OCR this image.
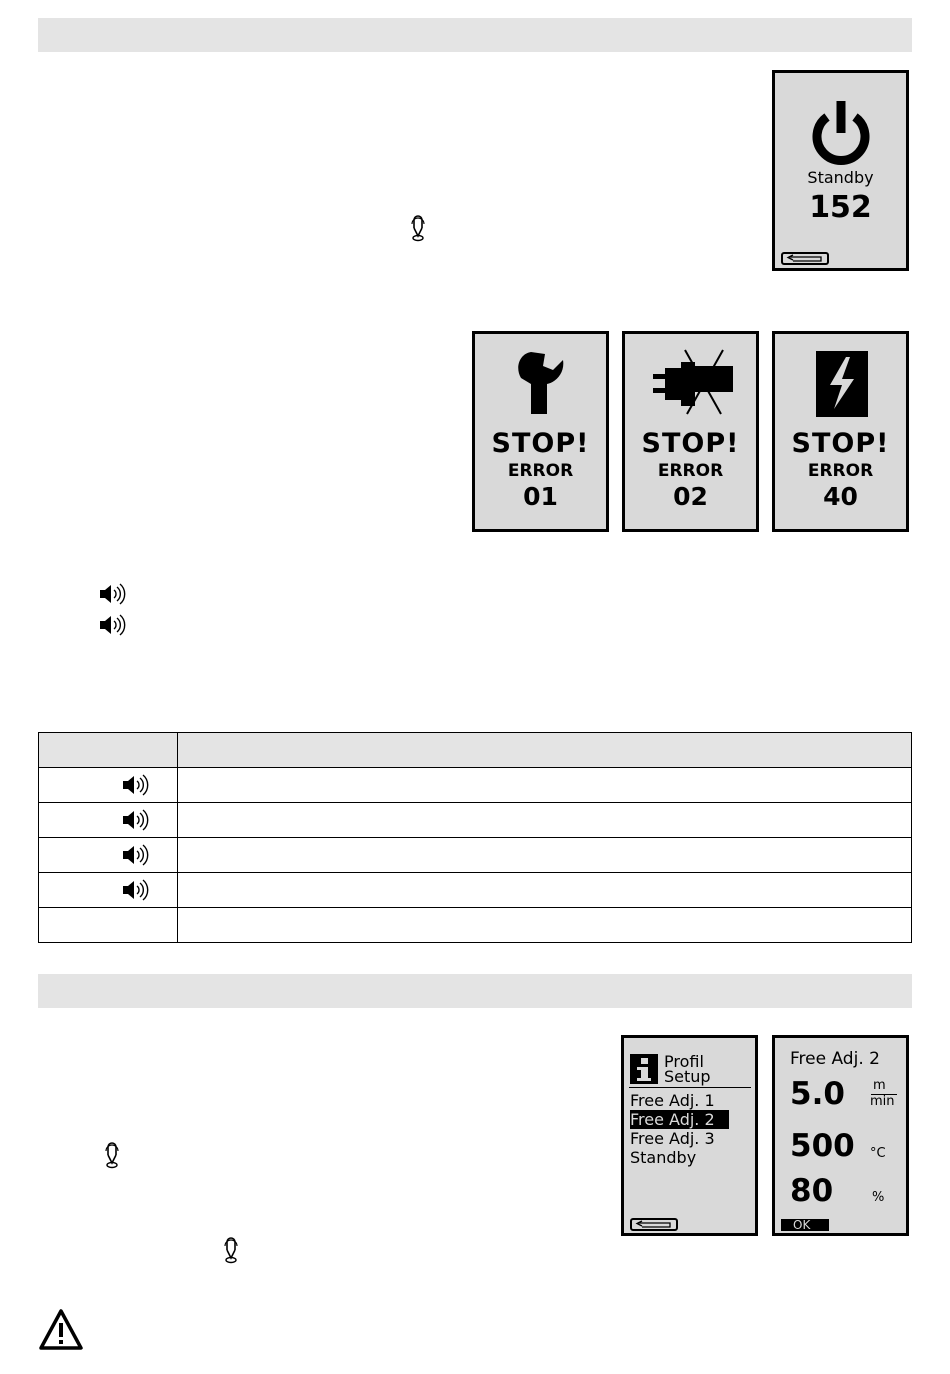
Standby
152
STOP!
ERROR
01
STOP!
ERROR
02
STOP!
ERROR
40

Profil
Setup
Free Adj. 1
Free Adj. 2
Free Adj. 3
Standby
Free Adj. 2
5.0 m
min
500 °C
80	%
OK
